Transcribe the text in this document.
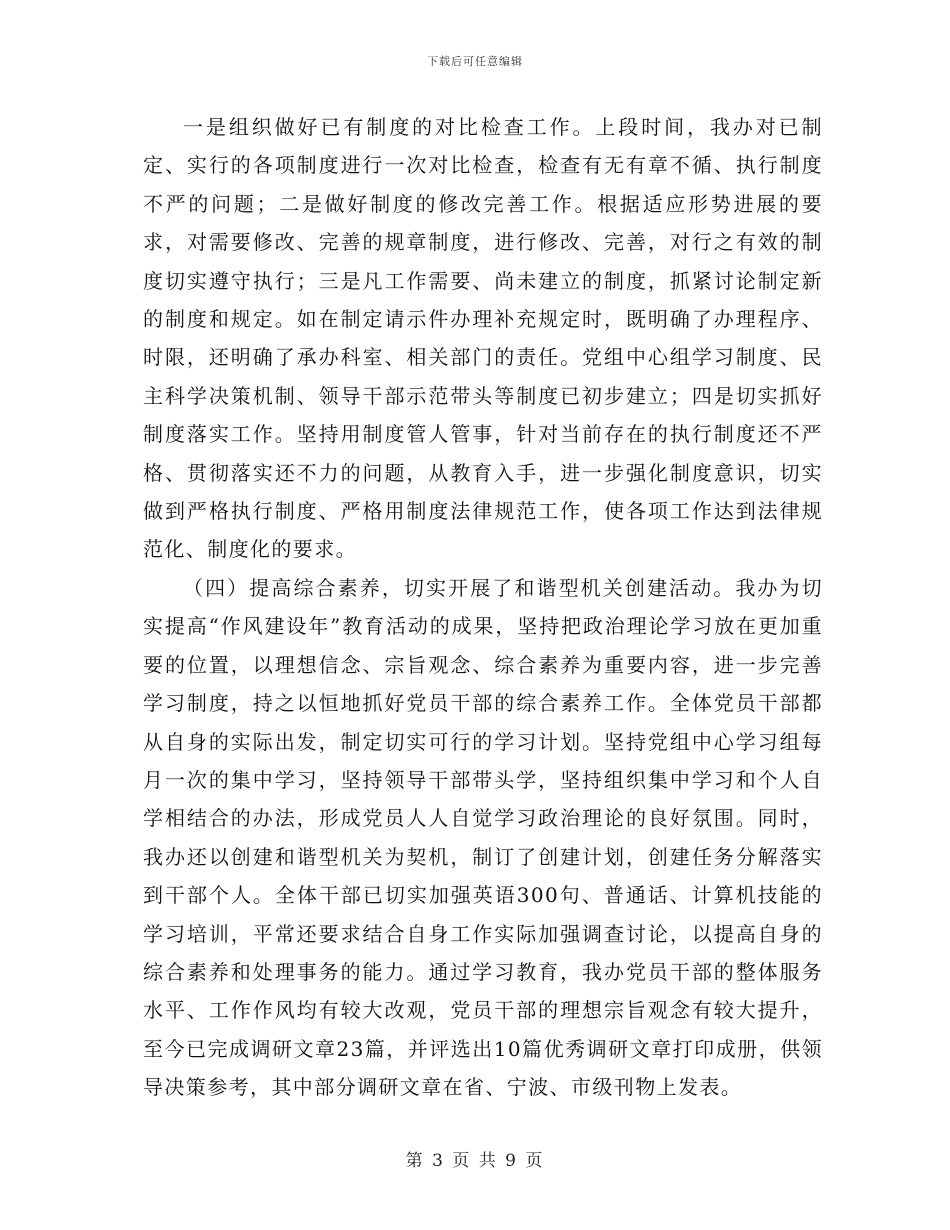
下载后可任意编辑

一是组织做好已有制度的对比检查工作。上段时间，我办对已制定、实行的各项制度进行一次对比检查，检查有无有章不循、执行制度不严的问题；二是做好制度的修改完善工作。根据适应形势进展的要求，对需要修改、完善的规章制度，进行修改、完善，对行之有效的制度切实遵守执行；三是凡工作需要、尚未建立的制度，抓紧讨论制定新的制度和规定。如在制定请示件办理补充规定时，既明确了办理程序、时限，还明确了承办科室、相关部门的责任。党组中心组学习制度、民主科学决策机制、领导干部示范带头等制度已初步建立；四是切实抓好制度落实工作。坚持用制度管人管事，针对当前存在的执行制度还不严格、贯彻落实还不力的问题，从教育入手，进一步强化制度意识，切实做到严格执行制度、严格用制度法律规范工作，使各项工作达到法律规范化、制度化的要求。

（四）提高综合素养，切实开展了和谐型机关创建活动。我办为切实提高“作风建设年”教育活动的成果，坚持把政治理论学习放在更加重要的位置，以理想信念、宗旨观念、综合素养为重要内容，进一步完善学习制度，持之以恒地抓好党员干部的综合素养工作。全体党员干部都从自身的实际出发，制定切实可行的学习计划。坚持党组中心学习组每月一次的集中学习，坚持领导干部带头学，坚持组织集中学习和个人自学相结合的办法，形成党员人人自觉学习政治理论的良好氛围。同时，我办还以创建和谐型机关为契机，制订了创建计划，创建任务分解落实到干部个人。全体干部已切实加强英语300句、普通话、计算机技能的学习培训，平常还要求结合自身工作实际加强调查讨论，以提高自身的综合素养和处理事务的能力。通过学习教育，我办党员干部的整体服务水平、工作作风均有较大改观，党员干部的理想宗旨观念有较大提升，至今已完成调研文章23篇，并评选出10篇优秀调研文章打印成册，供领导决策参考，其中部分调研文章在省、宁波、市级刊物上发表。

第 3 页 共 9 页
